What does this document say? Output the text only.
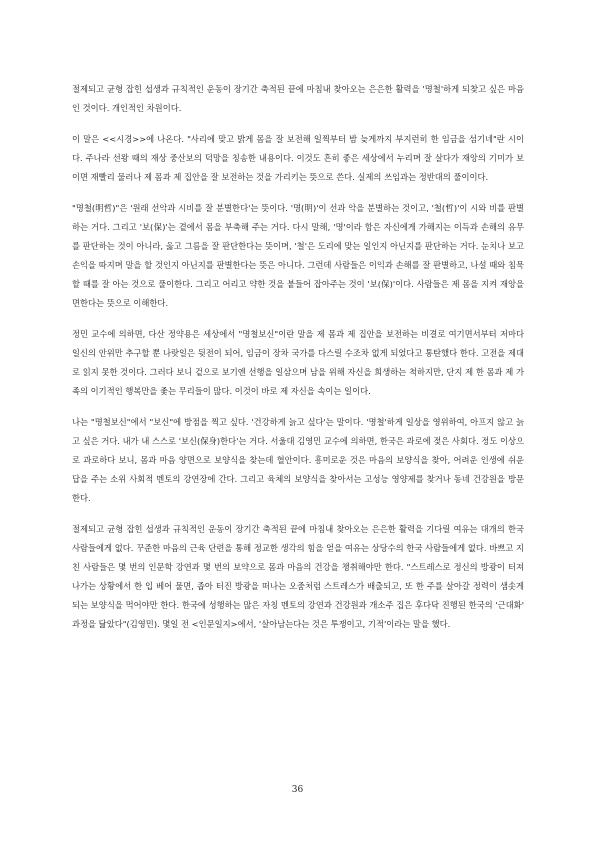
절제되고 균형 잡힌 섭생과 규칙적인 운동이 장기간 축적된 끝에 마침내 찾아오는 은은한 활력을 '명철'하게 되찾고 싶은 마음인 것이다. 개인적인 차원이다.

이 말은 <<시경>>에 나온다. "사리에 맞고 밝게 몸을 잘 보전해 일찍부터 밤 늦게까지 부지런히 한 임금을 섬기네"란 시이다. 주나라 선왕 때의 재상 중산보의 덕망을 칭송한 내용이다. 이것도 흔히 좋은 세상에서 누리며 잘 살다가 재앙의 기미가 보이면 재빨리 물러나 제 몸과 제 집안을 잘 보전하는 것을 가리키는 뜻으로 쓴다. 실제의 쓰임과는 정반대의 풀이이다.

"명철(明哲)"은 '원래 선악과 시비를 잘 분별한다'는 뜻이다. '명(明)'이 선과 악을 분별하는 것이고, '철(哲)'이 시와 비를 판별하는 거다. 그리고 '보(保)'는 곁에서 몸을 부축해 주는 거다. 다시 말해, '명'이라 함은 자신에게 가해지는 이득과 손해의 유무를 판단하는 것이 아니라, 옳고 그름을 잘 판단한다는 뜻이며, '철'은 도리에 맞는 일인지 아닌지를 판단하는 거다. 눈치나 보고 손익을 따지며 말을 할 것인지 아닌지를 판별한다는 뜻은 아니다. 그런데 사람들은 이익과 손해를 잘 판별하고, 나설 때와 침묵할 때를 잘 아는 것으로 풀이한다. 그리고 어리고 약한 것을 붙들어 잡아주는 것이 '보(保)'이다. 사람들은 제 몸을 지켜 재앙을 면한다는 뜻으로 이해한다.

정민 교수에 의하면, 다산 정약용은 세상에서 "명철보신"이란 말을 제 몸과 제 집안을 보전하는 비결로 여기면서부터 저마다 일신의 안위만 추구할 뿐 나랏일은 뒷전이 되어, 임금이 장차 국가를 다스릴 수조차 없게 되었다고 통탄했다 한다. 고전을 제대로 읽지 못한 것이다. 그러다 보니 겉으로 보기엔 선행을 일삼으며 남을 위해 자신을 희생하는 척하지만, 단지 제 한 몸과 제 가족의 이기적인 행복만을 좇는 무리들이 많다. 이것이 바로 제 자신을 속이는 일이다.

나는 "명철보신"에서 "보신"에 방점을 찍고 싶다. '건강하게 늙고 싶다'는 말이다. '명철'하게 일상을 영위하여, 아프지 않고 늙고 싶은 거다. 내가 내 스스로 '보신(保身)한다'는 거다. 서울대 김영민 교수에 의하면, 한국은 과로에 젖은 사회다. 정도 이상으로 과로하다 보니, 몸과 마음 양면으로 보양식을 찾는데 혈안이다. 흥미로운 것은 마음의 보양식을 찾아, 어려운 인생에 쉬운 답을 주는 소위 사회적 멘토의 강연장에 간다. 그리고 육체의 보양식을 찾아서는 고성능 영양제를 찾거나 동네 건강원을 방문한다.

절제되고 균형 잡힌 섭생과 규칙적인 운동이 장기간 축적된 끝에 마침내 찾아오는 은은한 활력을 기다릴 여유는 대개의 한국 사람들에게 없다. 꾸준한 마음의 근육 단련을 통해 정교한 생각의 힘을 얻을 여유는 상당수의 한국 사람들에게 없다. 바쁘고 지친 사람들은 몇 번의 인문학 강연과 몇 번의 보약으로 몸과 마음의 건강을 챙취해야만 한다. "스트레스로 정신의 방광이 터져 나가는 상황에서 한 입 베어 물면, 좁아 터진 방광을 떠나는 오줌처럼 스트레스가 배출되고, 또 한 주를 살아갈 정력이 샘솟게 되는 보양식을 먹어야만 한다. 한국에 성행하는 많은 자칭 멘토의 강연과 건강원과 개소주 집은 후다닥 진행된 한국의 '근대화' 과정을 닮았다"(김영민). 몇일 전 <인문일지>에서, '살아남는다는 것은 투쟁이고, 기적'이라는 말을 했다.

36
